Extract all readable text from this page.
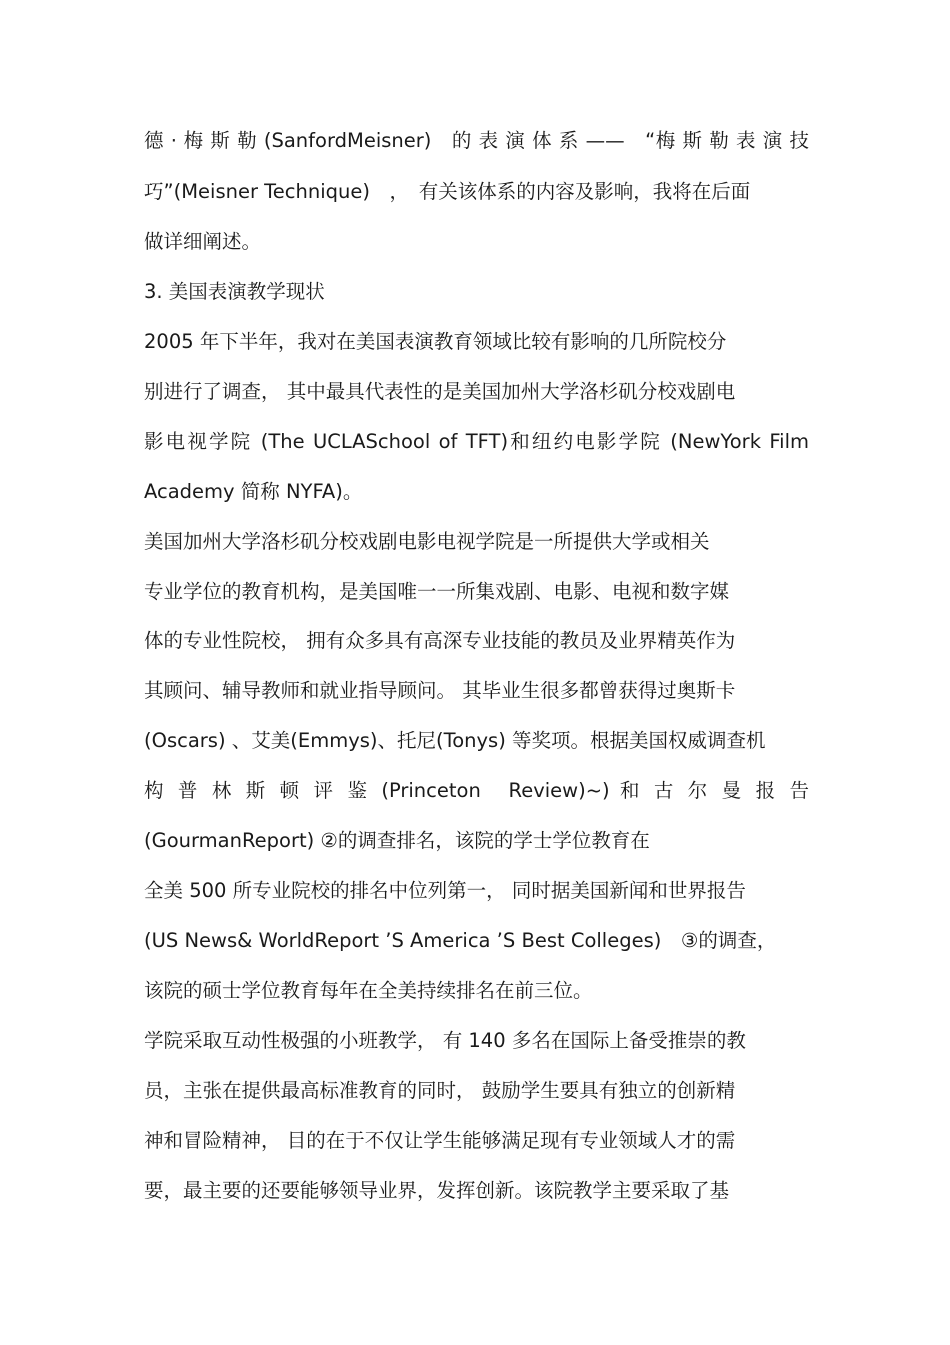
德 · 梅 斯 勒 (SanfordMeisner)　的 表 演 体 系 ——　“梅 斯 勒 表 演 技
巧”(Meisner Technique)　，　有关该体系的内容及影响，我将在后面
做详细阐述。
3. 美国表演教学现状
2005 年下半年，我对在美国表演教育领域比较有影响的几所院校分
别进行了调查， 其中最具代表性的是美国加州大学洛杉矶分校戏剧电
影电视学院 (The UCLASchool of TFT)和纽约电影学院 (NewYork Film
Academy 简称 NYFA)。
美国加州大学洛杉矶分校戏剧电影电视学院是一所提供大学或相关
专业学位的教育机构，是美国唯一一所集戏剧、电影、电视和数字媒
体的专业性院校， 拥有众多具有高深专业技能的教员及业界精英作为
其顾问、辅导教师和就业指导顾问。 其毕业生很多都曾获得过奥斯卡
(Oscars) 、艾美(Emmys)、托尼(Tonys) 等奖项。根据美国权威调查机
构 普 林 斯 顿 评 鉴 (Princeton　Review)~) 和 古 尔 曼 报 告
(GourmanReport) ②的调查排名，该院的学士学位教育在
全美 500 所专业院校的排名中位列第一， 同时据美国新闻和世界报告
(US News& WorldReport ’S America ’S Best Colleges)　③的调查，
该院的硕士学位教育每年在全美持续排名在前三位。
学院采取互动性极强的小班教学， 有 140 多名在国际上备受推崇的教
员，主张在提供最高标准教育的同时， 鼓励学生要具有独立的创新精
神和冒险精神， 目的在于不仅让学生能够满足现有专业领域人才的需
要，最主要的还要能够领导业界，发挥创新。该院教学主要采取了基
